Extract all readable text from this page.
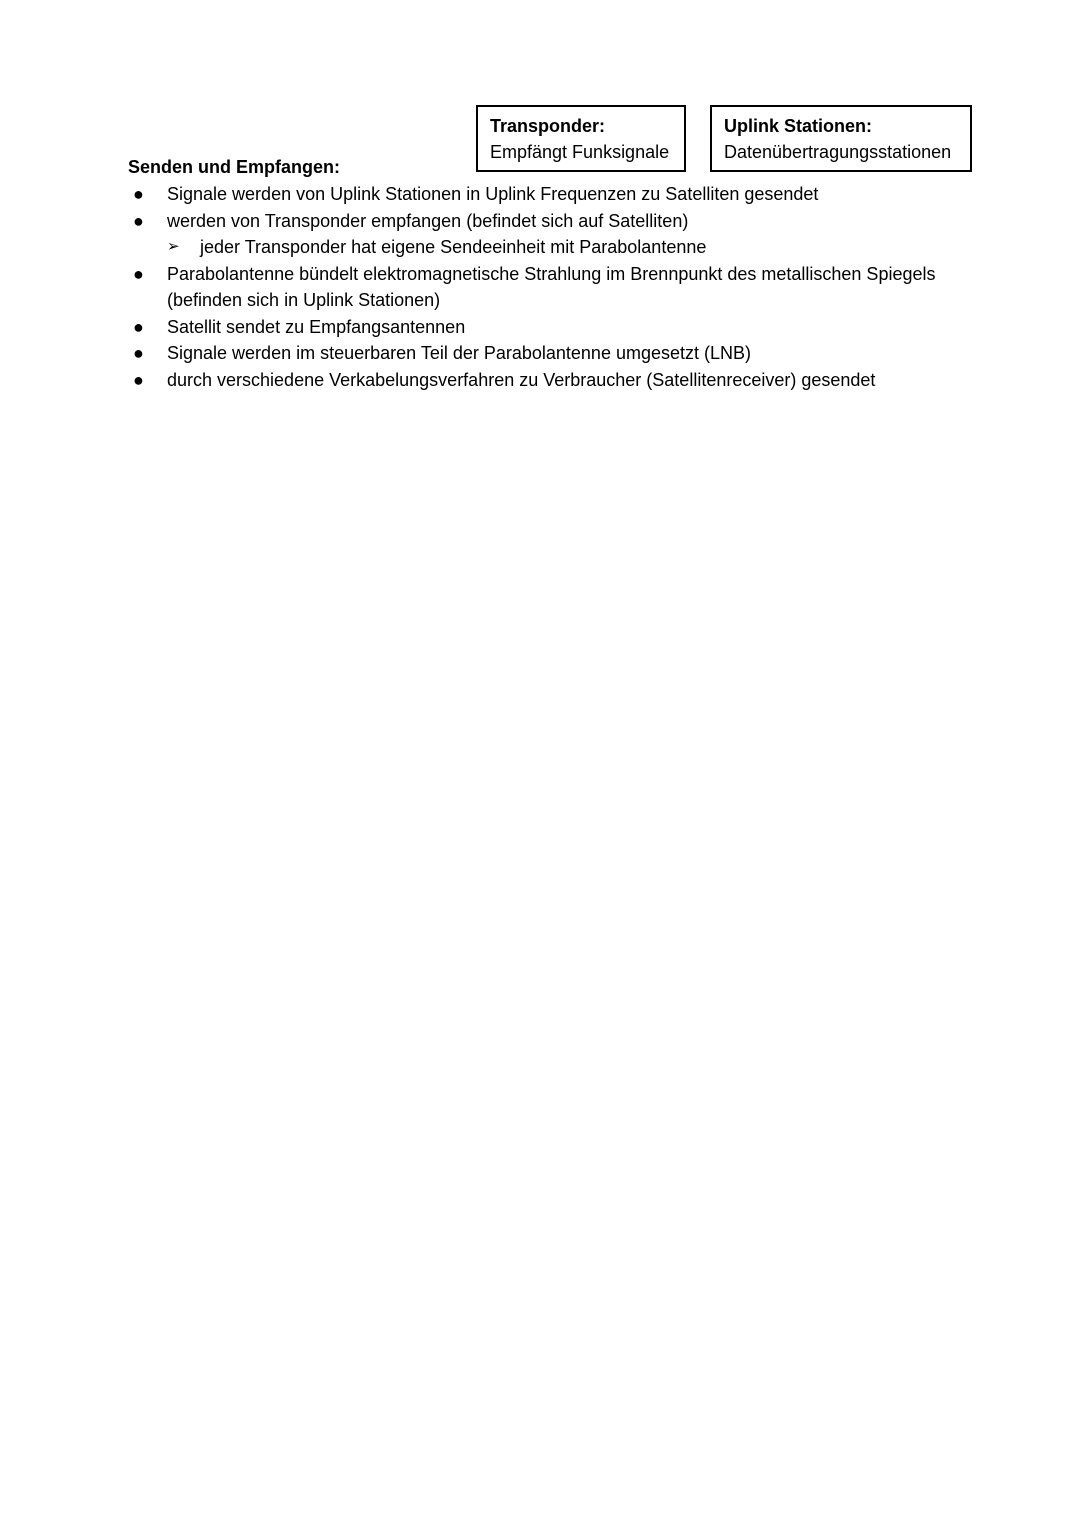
Transponder:
Empfängt Funksignale
Uplink Stationen:
Datenübertragungsstationen
Senden und Empfangen:
● Signale werden von Uplink Stationen in Uplink Frequenzen zu Satelliten gesendet
● werden von Transponder empfangen (befindet sich auf Satelliten)
➢ jeder Transponder hat eigene Sendeeinheit mit Parabolantenne
● Parabolantenne bündelt elektromagnetische Strahlung im Brennpunkt des metallischen Spiegels (befinden sich in Uplink Stationen)
● Satellit sendet zu Empfangsantennen
● Signale werden im steuerbaren Teil der Parabolantenne umgesetzt (LNB)
● durch verschiedene Verkabelungsverfahren zu Verbraucher (Satellitenreceiver) gesendet
